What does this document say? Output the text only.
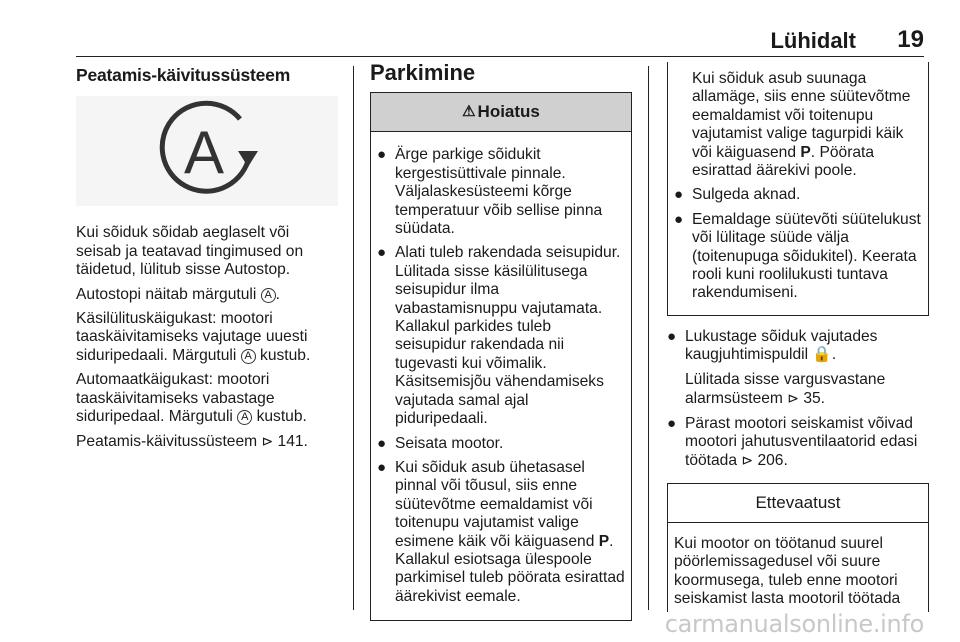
Lühidalt 19
Peatamis-käivitussüsteem
A

Kui sõiduk sõidab aeglaselt või seisab ja teatavad tingimused on täidetud, lülitub sisse Autostop.

Autostopi näitab märgutuli A .

Käsilülituskäigukast: mootori taaskäivitamiseks vajutage uuesti siduripedaali. Märgutuli A kustub.

Automaatkäigukast: mootori taaskäivitamiseks vabastage siduripedaal. Märgutuli A kustub.

Peatamis-käivitussüsteem ⊳ 141.

Parkimine
⚠ Hoiatus
● Ärge parkige sõidukit kergestisüttivale pinnale. Väljalaskesüsteemi kõrge temperatuur võib sellise pinna süüdata.
● Alati tuleb rakendada seisupidur. Lülitada sisse käsilülitusega seisupidur ilma vabastamisnuppu vajutamata. Kallakul parkides tuleb seisupidur rakendada nii tugevasti kui võimalik. Käsitsemisjõu vähendamiseks vajutada samal ajal piduripedaali.
● Seisata mootor.
● Kui sõiduk asub ühetasasel pinnal või tõusul, siis enne süütevõtme eemaldamist või toitenupu vajutamist valige esimene käik või käiguasend P. Kallakul esiotsaga ülespoole parkimisel tuleb pöörata esirattad äärekivist eemale.
Kui sõiduk asub suunaga allamäge, siis enne süütevõtme eemaldamist või toitenupu vajutamist valige tagurpidi käik või käiguasend P. Pöörata esirattad äärekivi poole.
● Sulgeda aknad.
● Eemaldage süütevõti süütelukust või lülitage süüde välja (toitenupuga sõidukitel). Keerata rooli kuni roolilukusti tuntava rakendumiseni.
● Lukustage sõiduk vajutades kaugjuhtimispuldil 🔒.
Lülitada sisse vargusvastane alarmsüsteem ⊳ 35.
● Pärast mootori seiskamist võivad mootori jahutusventilaatorid edasi töötada ⊳ 206.
Ettevaatust
Kui mootor on töötanud suurel pöörlemissagedusel või suure koormusega, tuleb enne mootori seiskamist lasta mootoril töötada
carmanualsonline.info
